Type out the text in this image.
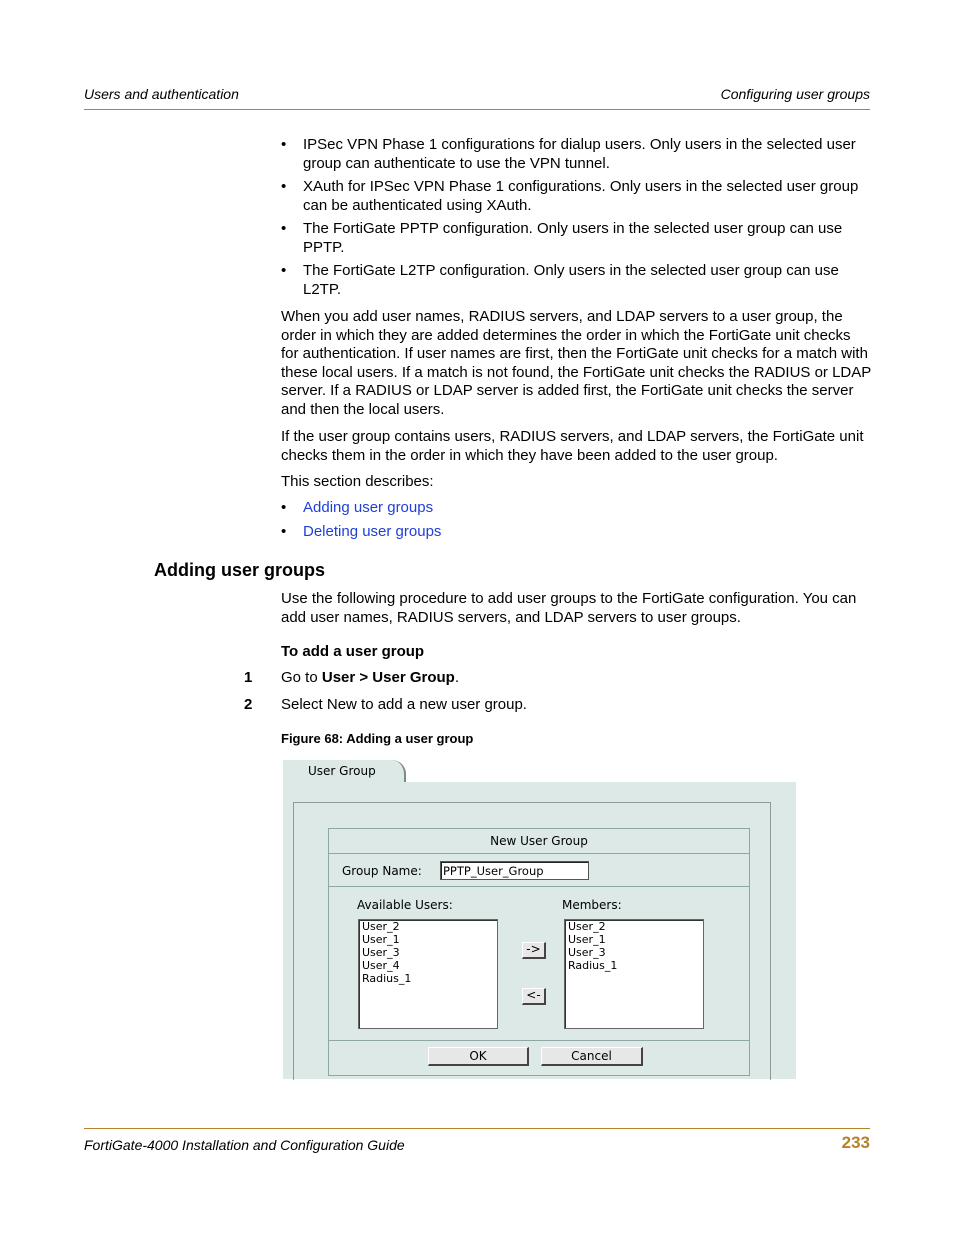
Users and authentication	Configuring user groups
• IPSec VPN Phase 1 configurations for dialup users. Only users in the selected user group can authenticate to use the VPN tunnel.
• XAuth for IPSec VPN Phase 1 configurations. Only users in the selected user group can be authenticated using XAuth.
• The FortiGate PPTP configuration. Only users in the selected user group can use PPTP.
• The FortiGate L2TP configuration. Only users in the selected user group can use L2TP.
When you add user names, RADIUS servers, and LDAP servers to a user group, the order in which they are added determines the order in which the FortiGate unit checks for authentication. If user names are first, then the FortiGate unit checks for a match with these local users. If a match is not found, the FortiGate unit checks the RADIUS or LDAP server. If a RADIUS or LDAP server is added first, the FortiGate unit checks the server and then the local users.
If the user group contains users, RADIUS servers, and LDAP servers, the FortiGate unit checks them in the order in which they have been added to the user group.
This section describes:
• Adding user groups
• Deleting user groups
Adding user groups
Use the following procedure to add user groups to the FortiGate configuration. You can add user names, RADIUS servers, and LDAP servers to user groups.
To add a user group
1 Go to User > User Group.
2 Select New to add a new user group.
Figure 68: Adding a user group
User Group
New User Group
Group Name:
PPTP_User_Group
Available Users:	Members:
User_2
User_1
User_3
User_4
Radius_1
->
<-
User_2
User_1
User_3
Radius_1
OK	Cancel
FortiGate-4000 Installation and Configuration Guide	233
